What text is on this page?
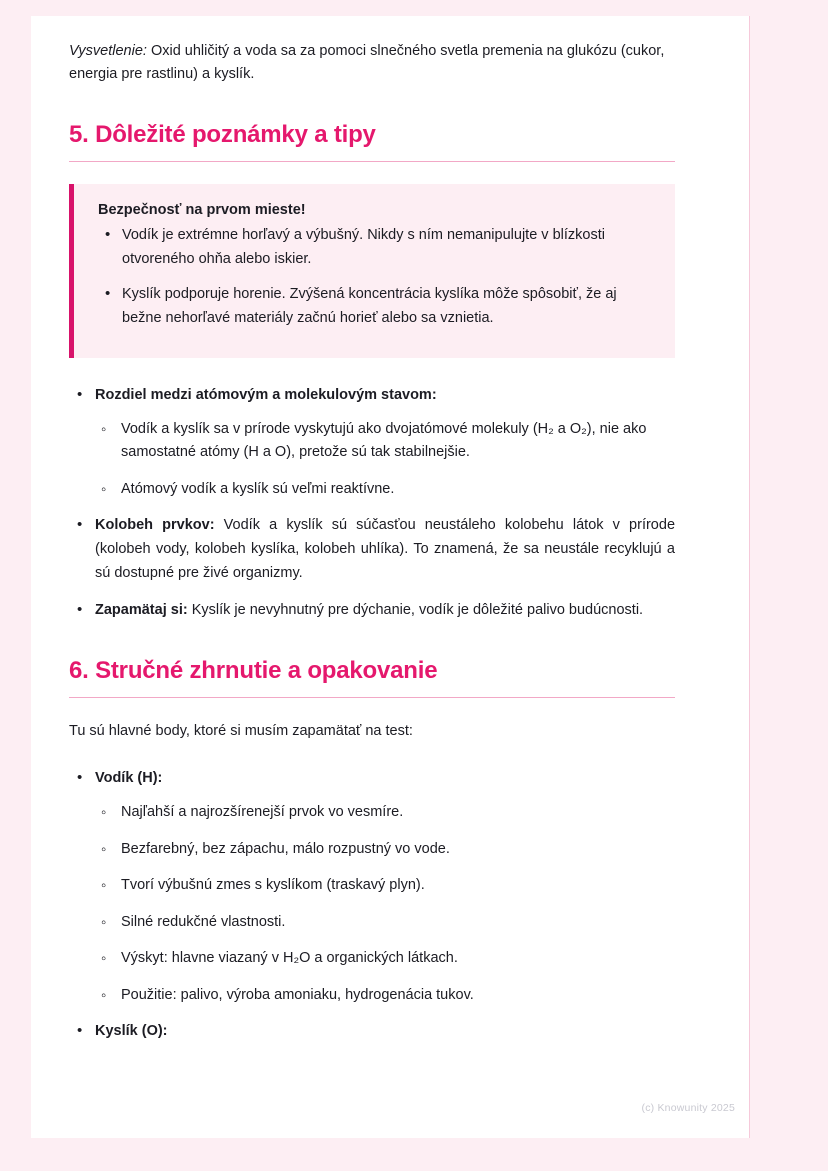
Vysvetlenie: Oxid uhličitý a voda sa za pomoci slnečného svetla premenia na glukózu (cukor, energia pre rastlinu) a kyslík.

5. Dôležité poznámky a tipy
Bezpečnosť na prvom mieste!
• Vodík je extrémne horľavý a výbušný. Nikdy s ním nemanipulujte v blízkosti otvoreného ohňa alebo iskier.
• Kyslík podporuje horenie. Zvýšená koncentrácia kyslíka môže spôsobiť, že aj bežne nehorľavé materiály začnú horieť alebo sa vznietia.
• Rozdiel medzi atómovým a molekulovým stavom:
◦ Vodík a kyslík sa v prírode vyskytujú ako dvojatómové molekuly (H₂ a O₂), nie ako samostatné atómy (H a O), pretože sú tak stabilnejšie.
◦ Atómový vodík a kyslík sú veľmi reaktívne.
• Kolobeh prvkov: Vodík a kyslík sú súčasťou neustáleho kolobehu látok v prírode (kolobeh vody, kolobeh kyslíka, kolobeh uhlíka). To znamená, že sa neustále recyklujú a sú dostupné pre živé organizmy.
• Zapamätaj si: Kyslík je nevyhnutný pre dýchanie, vodík je dôležité palivo budúcnosti.
6. Stručné zhrnutie a opakovanie

Tu sú hlavné body, ktoré si musím zapamätať na test:

• Vodík (H):
◦ Najľahší a najrozšírenejší prvok vo vesmíre.
◦ Bezfarebný, bez zápachu, málo rozpustný vo vode.
◦ Tvorí výbušnú zmes s kyslíkom (traskavý plyn).
◦ Silné redukčné vlastnosti.
◦ Výskyt: hlavne viazaný v H₂O a organických látkach.
◦ Použitie: palivo, výroba amoniaku, hydrogenácia tukov.
• Kyslík (O):
(c) Knowunity 2025
